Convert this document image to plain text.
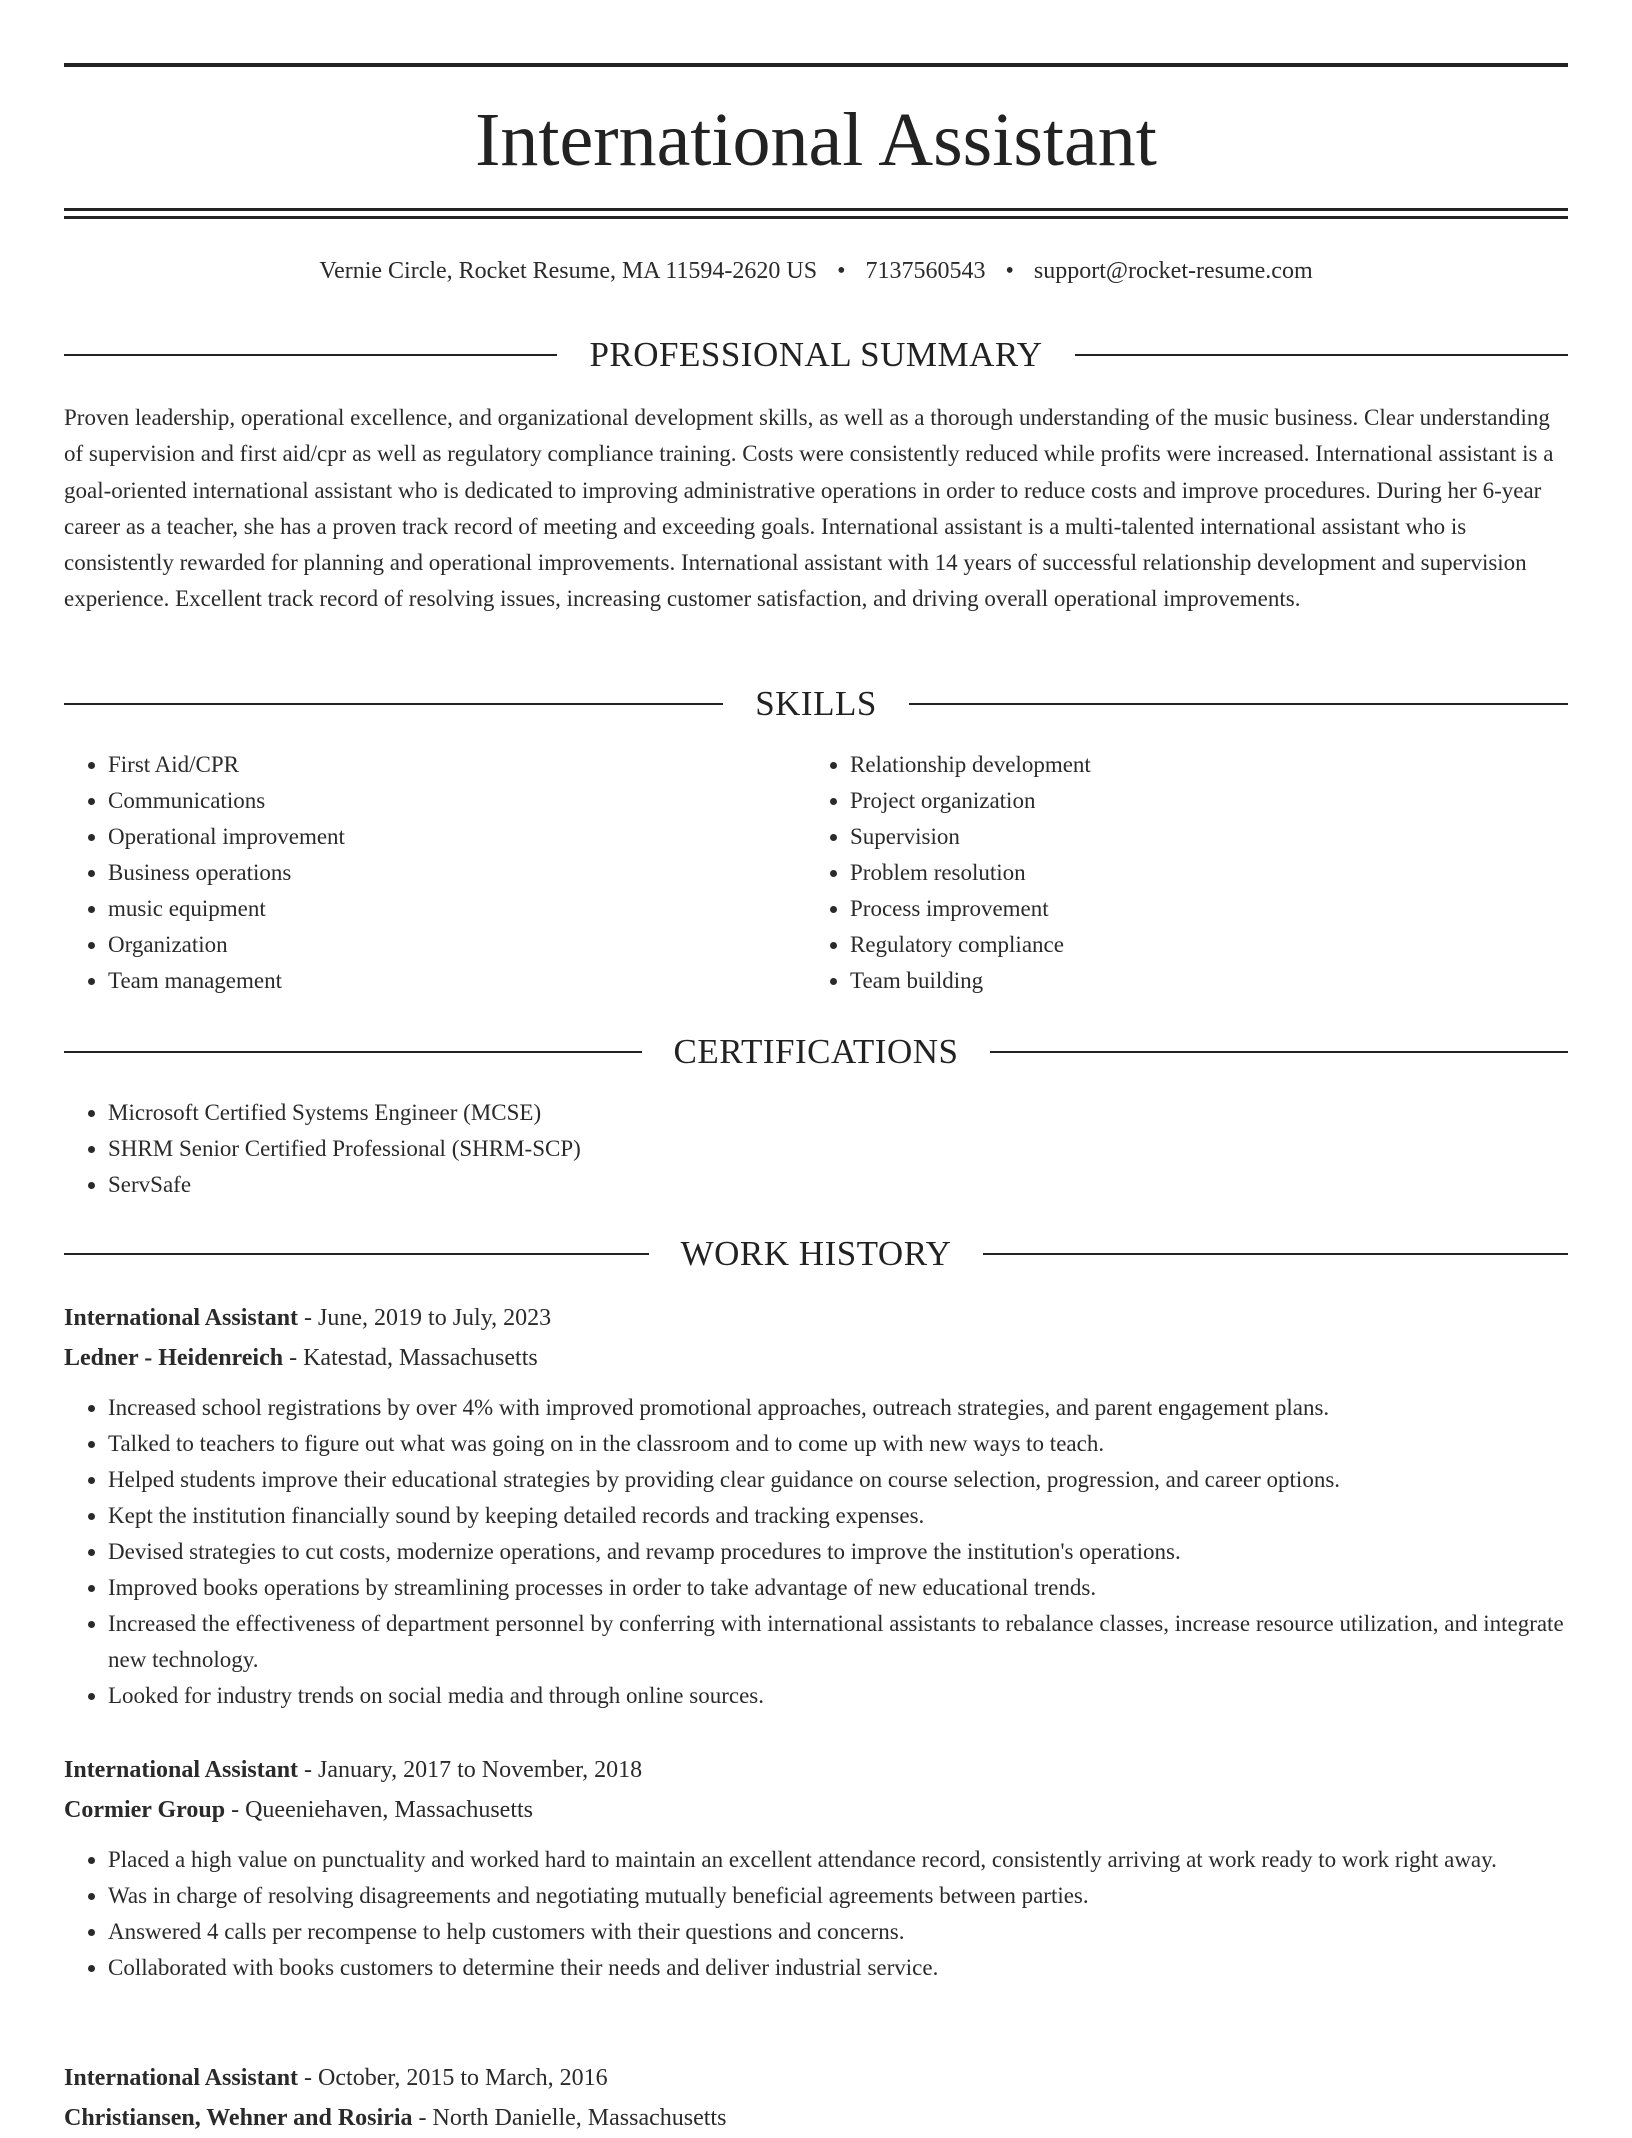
International Assistant
Vernie Circle, Rocket Resume, MA 11594-2620 US • 7137560543 • support@rocket-resume.com
PROFESSIONAL SUMMARY

Proven leadership, operational excellence, and organizational development skills, as well as a thorough understanding of the music business. Clear understanding of supervision and first aid/cpr as well as regulatory compliance training. Costs were consistently reduced while profits were increased. International assistant is a goal-oriented international assistant who is dedicated to improving administrative operations in order to reduce costs and improve procedures. During her 6-year career as a teacher, she has a proven track record of meeting and exceeding goals. International assistant is a multi-talented international assistant who is consistently rewarded for planning and operational improvements. International assistant with 14 years of successful relationship development and supervision experience. Excellent track record of resolving issues, increasing customer satisfaction, and driving overall operational improvements.

SKILLS
• First Aid/CPR
• Communications
• Operational improvement
• Business operations
• music equipment
• Organization
• Team management
• Relationship development
• Project organization
• Supervision
• Problem resolution
• Process improvement
• Regulatory compliance
• Team building
CERTIFICATIONS
• Microsoft Certified Systems Engineer (MCSE)
• SHRM Senior Certified Professional (SHRM-SCP)
• ServSafe
WORK HISTORY

International Assistant - June, 2019 to July, 2023

Ledner - Heidenreich - Katestad, Massachusetts

• Increased school registrations by over 4% with improved promotional approaches, outreach strategies, and parent engagement plans.
• Talked to teachers to figure out what was going on in the classroom and to come up with new ways to teach.
• Helped students improve their educational strategies by providing clear guidance on course selection, progression, and career options.
• Kept the institution financially sound by keeping detailed records and tracking expenses.
• Devised strategies to cut costs, modernize operations, and revamp procedures to improve the institution's operations.
• Improved books operations by streamlining processes in order to take advantage of new educational trends.
• Increased the effectiveness of department personnel by conferring with international assistants to rebalance classes, increase resource utilization, and integrate new technology.
• Looked for industry trends on social media and through online sources.

International Assistant - January, 2017 to November, 2018

Cormier Group - Queeniehaven, Massachusetts

• Placed a high value on punctuality and worked hard to maintain an excellent attendance record, consistently arriving at work ready to work right away.
• Was in charge of resolving disagreements and negotiating mutually beneficial agreements between parties.
• Answered 4 calls per recompense to help customers with their questions and concerns.
• Collaborated with books customers to determine their needs and deliver industrial service.

International Assistant - October, 2015 to March, 2016

Christiansen, Wehner and Rosiria - North Danielle, Massachusetts
